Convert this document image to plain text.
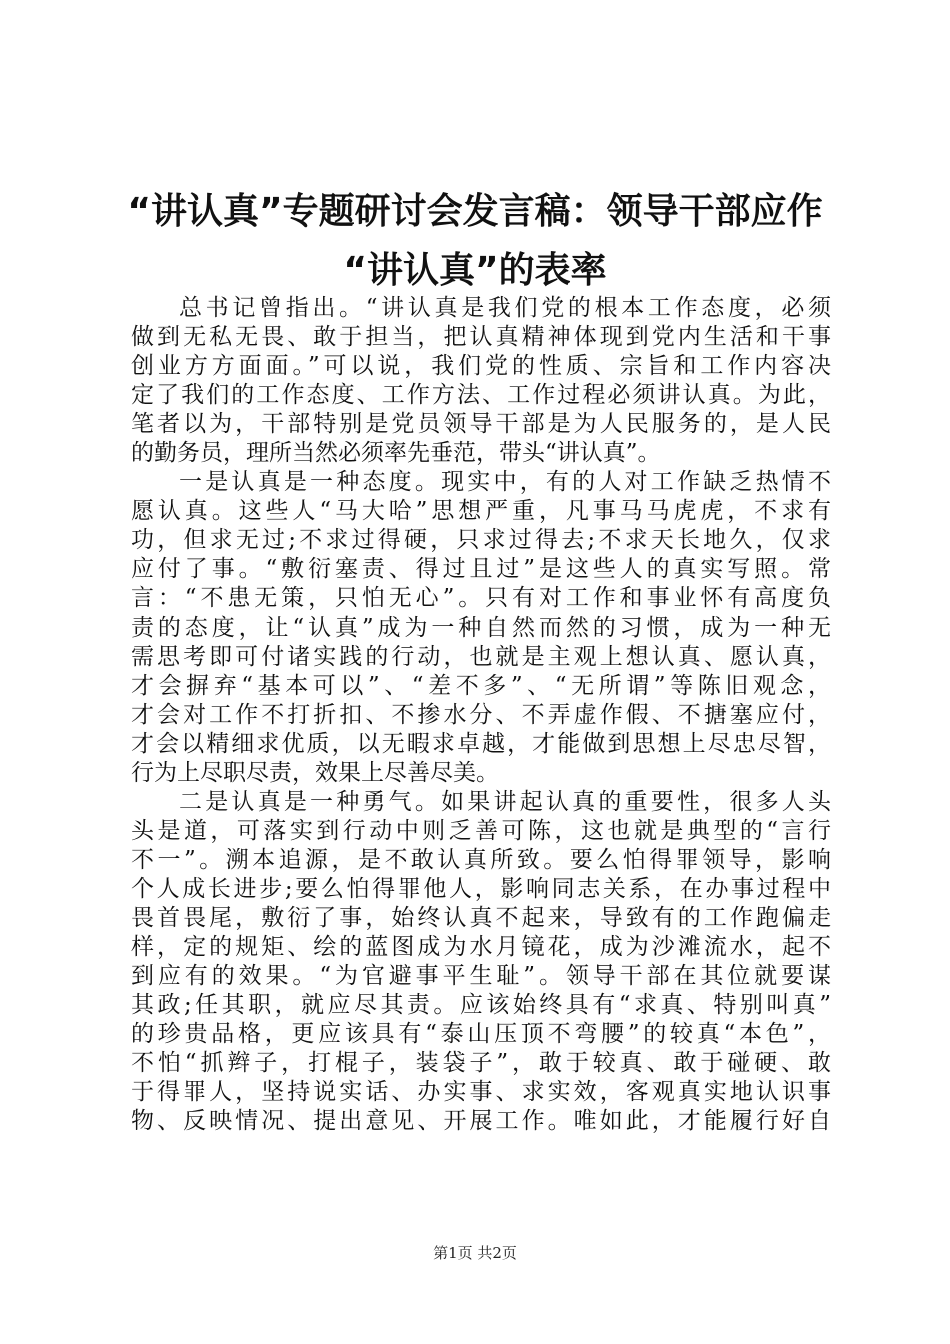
“讲认真”专题研讨会发言稿：领导干部应作
“讲认真”的表率
总书记曾指出。“讲认真是我们党的根本工作态度，必须
做到无私无畏、敢于担当，把认真精神体现到党内生活和干事
创业方方面面。”可以说，我们党的性质、宗旨和工作内容决
定了我们的工作态度、工作方法、工作过程必须讲认真。为此，
笔者以为，干部特别是党员领导干部是为人民服务的，是人民
的勤务员，理所当然必须率先垂范，带头“讲认真”。
一是认真是一种态度。现实中，有的人对工作缺乏热情不
愿认真。这些人“马大哈”思想严重，凡事马马虎虎，不求有
功，但求无过;不求过得硬，只求过得去;不求天长地久，仅求
应付了事。“敷衍塞责、得过且过”是这些人的真实写照。常
言：“不患无策，只怕无心”。只有对工作和事业怀有高度负
责的态度，让“认真”成为一种自然而然的习惯，成为一种无
需思考即可付诸实践的行动，也就是主观上想认真、愿认真，
才会摒弃“基本可以”、“差不多”、“无所谓”等陈旧观念，
才会对工作不打折扣、不掺水分、不弄虚作假、不搪塞应付，
才会以精细求优质，以无暇求卓越，才能做到思想上尽忠尽智，
行为上尽职尽责，效果上尽善尽美。
二是认真是一种勇气。如果讲起认真的重要性，很多人头
头是道，可落实到行动中则乏善可陈，这也就是典型的“言行
不一”。溯本追源，是不敢认真所致。要么怕得罪领导，影响
个人成长进步;要么怕得罪他人，影响同志关系，在办事过程中
畏首畏尾，敷衍了事，始终认真不起来，导致有的工作跑偏走
样，定的规矩、绘的蓝图成为水月镜花，成为沙滩流水，起不
到应有的效果。“为官避事平生耻”。领导干部在其位就要谋
其政;任其职，就应尽其责。应该始终具有“求真、特别叫真”
的珍贵品格，更应该具有“泰山压顶不弯腰”的较真“本色”，
不怕“抓辫子，打棍子，装袋子”，敢于较真、敢于碰硬、敢
于得罪人，坚持说实话、办实事、求实效，客观真实地认识事
物、反映情况、提出意见、开展工作。唯如此，才能履行好自
第1页 共2页
